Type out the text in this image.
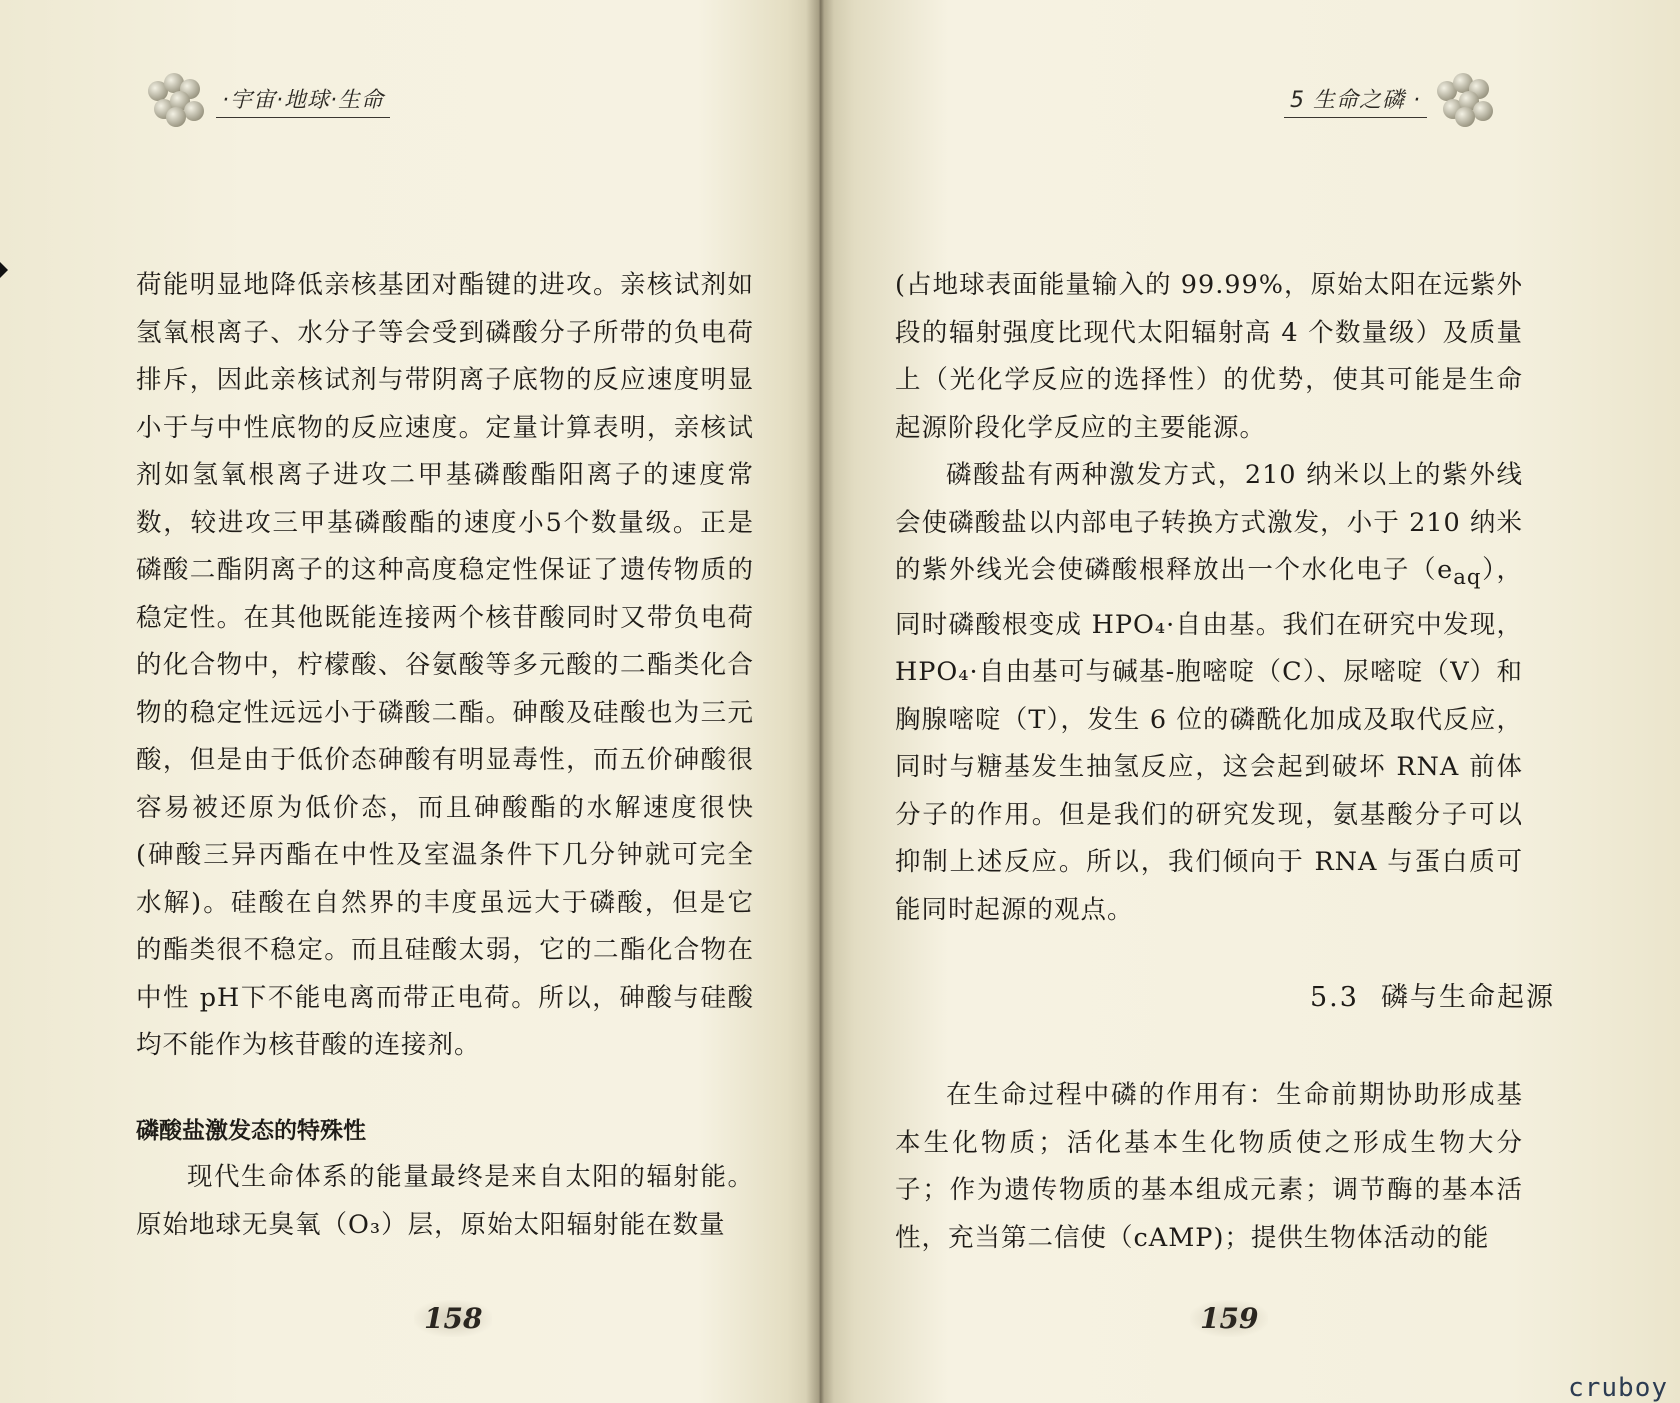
·宇宙·地球·生命	5 生命之磷 ·

荷能明显地降低亲核基团对酯键的进攻。亲核试剂如氢氧根离子、水分子等会受到磷酸分子所带的负电荷排斥，因此亲核试剂与带阴离子底物的反应速度明显小于与中性底物的反应速度。定量计算表明，亲核试剂如氢氧根离子进攻二甲基磷酸酯阳离子的速度常数，较进攻三甲基磷酸酯的速度小5个数量级。正是磷酸二酯阴离子的这种高度稳定性保证了遗传物质的稳定性。在其他既能连接两个核苷酸同时又带负电荷的化合物中，柠檬酸、谷氨酸等多元酸的二酯类化合物的稳定性远远小于磷酸二酯。砷酸及硅酸也为三元酸，但是由于低价态砷酸有明显毒性，而五价砷酸很容易被还原为低价态，而且砷酸酯的水解速度很快(砷酸三异丙酯在中性及室温条件下几分钟就可完全水解)。硅酸在自然界的丰度虽远大于磷酸，但是它的酯类很不稳定。而且硅酸太弱，它的二酯化合物在中性 pH下不能电离而带正电荷。所以，砷酸与硅酸均不能作为核苷酸的连接剂。

磷酸盐激发态的特殊性

现代生命体系的能量最终是来自太阳的辐射能。原始地球无臭氧（O₃）层，原始太阳辐射能在数量

(占地球表面能量输入的 99.99%，原始太阳在远紫外段的辐射强度比现代太阳辐射高 4 个数量级）及质量上（光化学反应的选择性）的优势，使其可能是生命起源阶段化学反应的主要能源。

磷酸盐有两种激发方式，210 纳米以上的紫外线会使磷酸盐以内部电子转换方式激发，小于 210 纳米的紫外线光会使磷酸根释放出一个水化电子$(e_{aq})$，同时磷酸根变成 HPO₄·自由基。我们在研究中发现，HPO₄·自由基可与碱基-胞嘧啶（C）、尿嘧啶（V）和胸腺嘧啶（T），发生 6 位的磷酰化加成及取代反应，同时与糖基发生抽氢反应，这会起到破坏 RNA 前体分子的作用。但是我们的研究发现，氨基酸分子可以抑制上述反应。所以，我们倾向于 RNA 与蛋白质可能同时起源的观点。

5.3 磷与生命起源

在生命过程中磷的作用有：生命前期协助形成基本生化物质；活化基本生化物质使之形成生物大分子；作为遗传物质的基本组成元素；调节酶的基本活性，充当第二信使（cAMP)；提供生物体活动的能

158	159
cruboy
